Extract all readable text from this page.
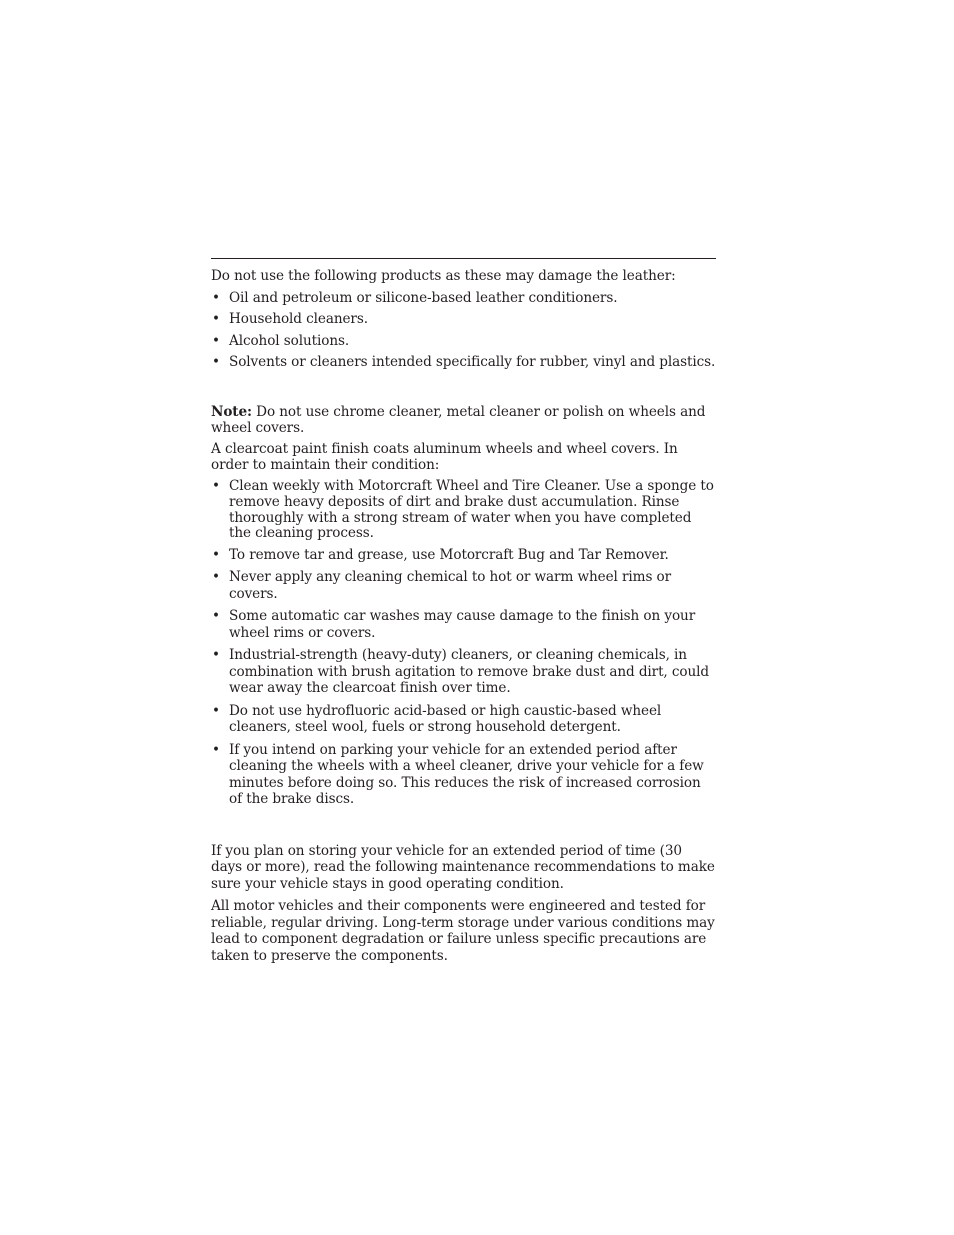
Do not use the following products as these may damage the leather:

• Oil and petroleum or silicone-based leather conditioners.
• Household cleaners.
• Alcohol solutions.
• Solvents or cleaners intended specifically for rubber, vinyl and plastics.

Note: Do not use chrome cleaner, metal cleaner or polish on wheels and wheel covers.

A clearcoat paint finish coats aluminum wheels and wheel covers. In order to maintain their condition:

• Clean weekly with Motorcraft Wheel and Tire Cleaner. Use a sponge to remove heavy deposits of dirt and brake dust accumulation. Rinse thoroughly with a strong stream of water when you have completed the cleaning process.
• To remove tar and grease, use Motorcraft Bug and Tar Remover.
• Never apply any cleaning chemical to hot or warm wheel rims or covers.
• Some automatic car washes may cause damage to the finish on your wheel rims or covers.
• Industrial-strength (heavy-duty) cleaners, or cleaning chemicals, in combination with brush agitation to remove brake dust and dirt, could wear away the clearcoat finish over time.
• Do not use hydrofluoric acid-based or high caustic-based wheel cleaners, steel wool, fuels or strong household detergent.
• If you intend on parking your vehicle for an extended period after cleaning the wheels with a wheel cleaner, drive your vehicle for a few minutes before doing so. This reduces the risk of increased corrosion of the brake discs.

If you plan on storing your vehicle for an extended period of time (30 days or more), read the following maintenance recommendations to make sure your vehicle stays in good operating condition.

All motor vehicles and their components were engineered and tested for reliable, regular driving. Long-term storage under various conditions may lead to component degradation or failure unless specific precautions are taken to preserve the components.
